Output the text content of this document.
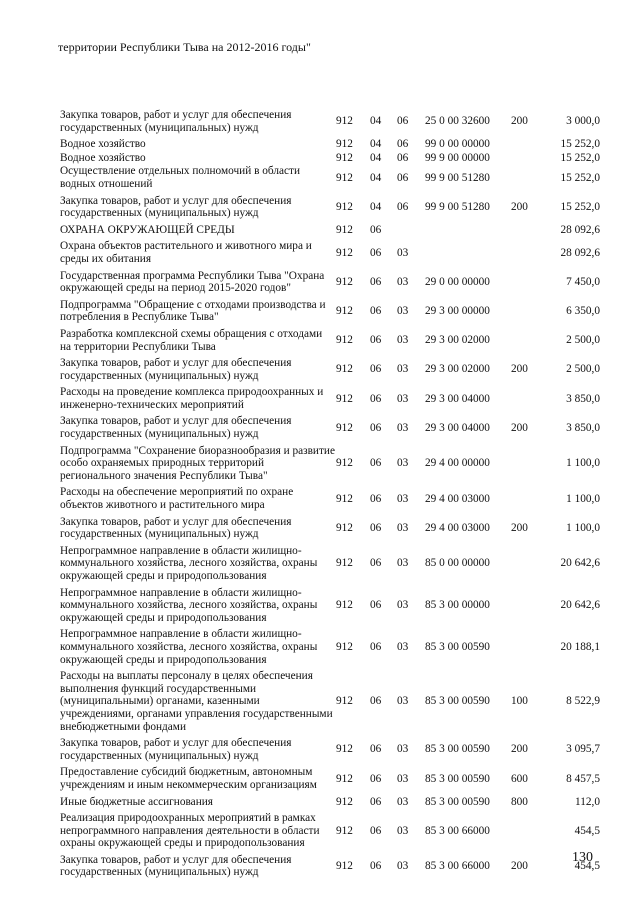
территории Республики Тыва на 2012-2016 годы"
Закупка товаров, работ и услуг для обеспечения государственных (муниципальных) нужд	912	04	06	25 0 00 32600	200	3 000,0
Водное хозяйство	912	04	06	99 0 00 00000		15 252,0
Водное хозяйство	912	04	06	99 9 00 00000		15 252,0
Осуществление отдельных полномочий в области водных отношений	912	04	06	99 9 00 51280		15 252,0
Закупка товаров, работ и услуг для обеспечения государственных (муниципальных) нужд	912	04	06	99 9 00 51280	200	15 252,0
ОХРАНА ОКРУЖАЮЩЕЙ СРЕДЫ	912	06				28 092,6
Охрана объектов растительного и животного мира и среды их обитания	912	06	03			28 092,6
Государственная программа Республики Тыва "Охрана окружающей среды на период 2015-2020 годов"	912	06	03	29 0 00 00000		7 450,0
Подпрограмма "Обращение с отходами производства и потребления в Республике Тыва"	912	06	03	29 3 00 00000		6 350,0
Разработка комплексной схемы обращения с отходами на территории Республики Тыва	912	06	03	29 3 00 02000		2 500,0
Закупка товаров, работ и услуг для обеспечения государственных (муниципальных) нужд	912	06	03	29 3 00 02000	200	2 500,0
Расходы на проведение комплекса природоохранных и инженерно-технических мероприятий	912	06	03	29 3 00 04000		3 850,0
Закупка товаров, работ и услуг для обеспечения государственных (муниципальных) нужд	912	06	03	29 3 00 04000	200	3 850,0
Подпрограмма "Сохранение биоразнообразия и развитие особо охраняемых природных территорий регионального значения Республики Тыва"	912	06	03	29 4 00 00000		1 100,0
Расходы на обеспечение мероприятий по охране объектов животного и растительного мира	912	06	03	29 4 00 03000		1 100,0
Закупка товаров, работ и услуг для обеспечения государственных (муниципальных) нужд	912	06	03	29 4 00 03000	200	1 100,0
Непрограммное направление в области жилищно-коммунального хозяйства, лесного хозяйства, охраны окружающей среды и природопользования	912	06	03	85 0 00 00000		20 642,6
Непрограммное направление в области жилищно-коммунального хозяйства, лесного хозяйства, охраны окружающей среды и природопользования	912	06	03	85 3 00 00000		20 642,6
Непрограммное направление в области жилищно-коммунального хозяйства, лесного хозяйства, охраны окружающей среды и природопользования	912	06	03	85 3 00 00590		20 188,1
Расходы на выплаты персоналу в целях обеспечения выполнения функций государственными (муниципальными) органами, казенными учреждениями, органами управления государственными внебюджетными фондами	912	06	03	85 3 00 00590	100	8 522,9
Закупка товаров, работ и услуг для обеспечения государственных (муниципальных) нужд	912	06	03	85 3 00 00590	200	3 095,7
Предоставление субсидий бюджетным, автономным учреждениям и иным некоммерческим организациям	912	06	03	85 3 00 00590	600	8 457,5
Иные бюджетные ассигнования	912	06	03	85 3 00 00590	800	112,0
Реализация природоохранных мероприятий в рамках непрограммного направления деятельности в области охраны окружающей среды и природопользования	912	06	03	85 3 00 66000		454,5
Закупка товаров, работ и услуг для обеспечения государственных (муниципальных) нужд	912	06	03	85 3 00 66000	200	454,5
130
